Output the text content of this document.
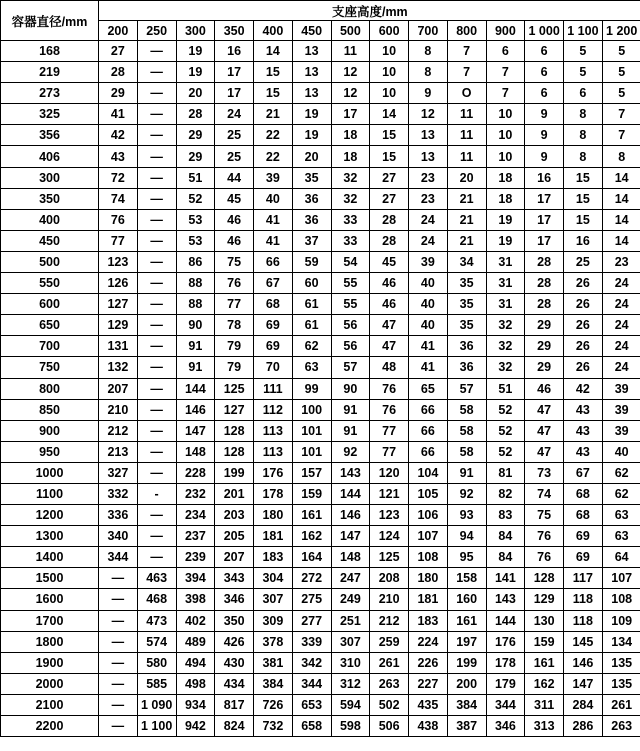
容器直径/mm	支座高度/mm													
	200	250	300	350	400	450	500	600	700	800	900	1 000	1 100	1 200
168	27	—	19	16	14	13	11	10	8	7	6	6	5	5
219	28	—	19	17	15	13	12	10	8	7	7	6	5	5
273	29	—	20	17	15	13	12	10	9	O	7	6	6	5
325	41	—	28	24	21	19	17	14	12	11	10	9	8	7
356	42	—	29	25	22	19	18	15	13	11	10	9	8	7
406	43	—	29	25	22	20	18	15	13	11	10	9	8	8
300	72	—	51	44	39	35	32	27	23	20	18	16	15	14
350	74	—	52	45	40	36	32	27	23	21	18	17	15	14
400	76	—	53	46	41	36	33	28	24	21	19	17	15	14
450	77	—	53	46	41	37	33	28	24	21	19	17	16	14
500	123	—	86	75	66	59	54	45	39	34	31	28	25	23
550	126	—	88	76	67	60	55	46	40	35	31	28	26	24
600	127	—	88	77	68	61	55	46	40	35	31	28	26	24
650	129	—	90	78	69	61	56	47	40	35	32	29	26	24
700	131	—	91	79	69	62	56	47	41	36	32	29	26	24
750	132	—	91	79	70	63	57	48	41	36	32	29	26	24
800	207	—	144	125	111	99	90	76	65	57	51	46	42	39
850	210	—	146	127	112	100	91	76	66	58	52	47	43	39
900	212	—	147	128	113	101	91	77	66	58	52	47	43	39
950	213	—	148	128	113	101	92	77	66	58	52	47	43	40
1000	327	—	228	199	176	157	143	120	104	91	81	73	67	62
1100	332	-	232	201	178	159	144	121	105	92	82	74	68	62
1200	336	—	234	203	180	161	146	123	106	93	83	75	68	63
1300	340	—	237	205	181	162	147	124	107	94	84	76	69	63
1400	344	—	239	207	183	164	148	125	108	95	84	76	69	64
1500	—	463	394	343	304	272	247	208	180	158	141	128	117	107
1600	—	468	398	346	307	275	249	210	181	160	143	129	118	108
1700	—	473	402	350	309	277	251	212	183	161	144	130	118	109
1800	—	574	489	426	378	339	307	259	224	197	176	159	145	134
1900	—	580	494	430	381	342	310	261	226	199	178	161	146	135
2000	—	585	498	434	384	344	312	263	227	200	179	162	147	135
2100	—	1 090	934	817	726	653	594	502	435	384	344	311	284	261
2200	—	1 100	942	824	732	658	598	506	438	387	346	313	286	263
